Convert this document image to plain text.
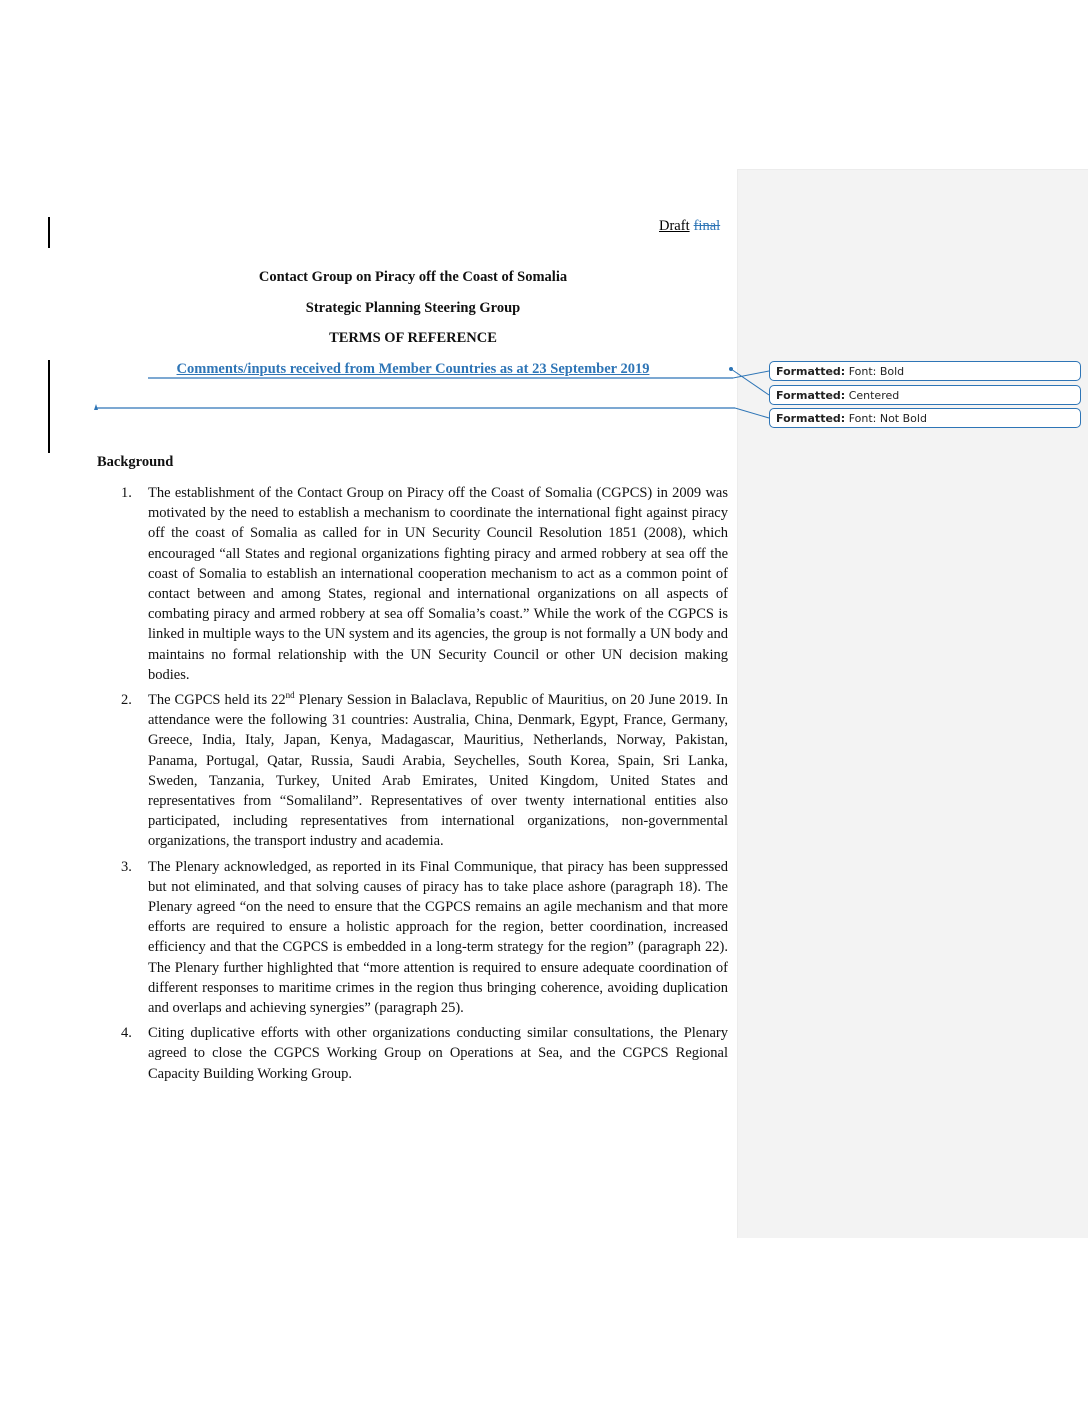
Draft final
Contact Group on Piracy off the Coast of Somalia
Strategic Planning Steering Group
TERMS OF REFERENCE
Comments/inputs received from Member Countries as at 23 September 2019	Formatted: Font: Bold
Formatted: Centered
Formatted: Font: Not Bold
Background
1. The establishment of the Contact Group on Piracy off the Coast of Somalia (CGPCS) in 2009 was motivated by the need to establish a mechanism to coordinate the international fight against piracy off the coast of Somalia as called for in UN Security Council Resolution 1851 (2008), which encouraged “all States and regional organizations fighting piracy and armed robbery at sea off the coast of Somalia to establish an international cooperation mechanism to act as a common point of contact between and among States, regional and international organizations on all aspects of combating piracy and armed robbery at sea off Somalia’s coast.” While the work of the CGPCS is linked in multiple ways to the UN system and its agencies, the group is not formally a UN body and maintains no formal relationship with the UN Security Council or other UN decision making bodies.
2. The CGPCS held its 22nd Plenary Session in Balaclava, Republic of Mauritius, on 20 June 2019. In attendance were the following 31 countries: Australia, China, Denmark, Egypt, France, Germany, Greece, India, Italy, Japan, Kenya, Madagascar, Mauritius, Netherlands, Norway, Pakistan, Panama, Portugal, Qatar, Russia, Saudi Arabia, Seychelles, South Korea, Spain, Sri Lanka, Sweden, Tanzania, Turkey, United Arab Emirates, United Kingdom, United States and representatives from “Somaliland”. Representatives of over twenty international entities also participated, including representatives from international organizations, non-governmental organizations, the transport industry and academia.
3. The Plenary acknowledged, as reported in its Final Communique, that piracy has been suppressed but not eliminated, and that solving causes of piracy has to take place ashore (paragraph 18). The Plenary agreed “on the need to ensure that the CGPCS remains an agile mechanism and that more efforts are required to ensure a holistic approach for the region, better coordination, increased efficiency and that the CGPCS is embedded in a long-term strategy for the region” (paragraph 22). The Plenary further highlighted that “more attention is required to ensure adequate coordination of different responses to maritime crimes in the region thus bringing coherence, avoiding duplication and overlaps and achieving synergies” (paragraph 25).
4. Citing duplicative efforts with other organizations conducting similar consultations, the Plenary agreed to close the CGPCS Working Group on Operations at Sea, and the CGPCS Regional Capacity Building Working Group.
